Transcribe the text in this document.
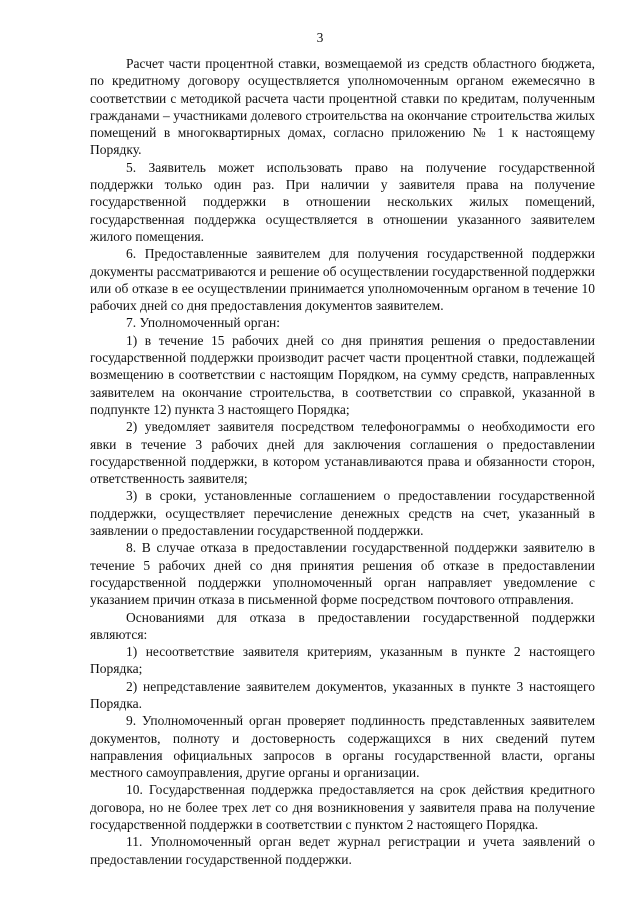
3

Расчет части процентной ставки, возмещаемой из средств областного бюджета, по кредитному договору осуществляется уполномоченным органом ежемесячно в соответствии с методикой расчета части процентной ставки по кредитам, полученным гражданами – участниками долевого строительства на окончание строительства жилых помещений в многоквартирных домах, согласно приложению № 1 к настоящему Порядку.

5. Заявитель может использовать право на получение государственной поддержки только один раз. При наличии у заявителя права на получение государственной поддержки в отношении нескольких жилых помещений, государственная поддержка осуществляется в отношении указанного заявителем жилого помещения.

6. Предоставленные заявителем для получения государственной поддержки документы рассматриваются и решение об осуществлении государственной поддержки или об отказе в ее осуществлении принимается уполномоченным органом в течение 10 рабочих дней со дня предоставления документов заявителем.

7. Уполномоченный орган:

1) в течение 15 рабочих дней со дня принятия решения о предоставлении государственной поддержки производит расчет части процентной ставки, подлежащей возмещению в соответствии с настоящим Порядком, на сумму средств, направленных заявителем на окончание строительства, в соответствии со справкой, указанной в подпункте 12) пункта 3 настоящего Порядка;

2) уведомляет заявителя посредством телефонограммы о необходимости его явки в течение 3 рабочих дней для заключения соглашения о предоставлении государственной поддержки, в котором устанавливаются права и обязанности сторон, ответственность заявителя;

3) в сроки, установленные соглашением о предоставлении государственной поддержки, осуществляет перечисление денежных средств на счет, указанный в заявлении о предоставлении государственной поддержки.

8. В случае отказа в предоставлении государственной поддержки заявителю в течение 5 рабочих дней со дня принятия решения об отказе в предоставлении государственной поддержки уполномоченный орган направляет уведомление с указанием причин отказа в письменной форме посредством почтового отправления.

Основаниями для отказа в предоставлении государственной поддержки являются:

1) несоответствие заявителя критериям, указанным в пункте 2 настоящего Порядка;

2) непредставление заявителем документов, указанных в пункте 3 настоящего Порядка.

9. Уполномоченный орган проверяет подлинность представленных заявителем документов, полноту и достоверность содержащихся в них сведений путем направления официальных запросов в органы государственной власти, органы местного самоуправления, другие органы и организации.

10. Государственная поддержка предоставляется на срок действия кредитного договора, но не более трех лет со дня возникновения у заявителя права на получение государственной поддержки в соответствии с пунктом 2 настоящего Порядка.

11. Уполномоченный орган ведет журнал регистрации и учета заявлений о предоставлении государственной поддержки.
